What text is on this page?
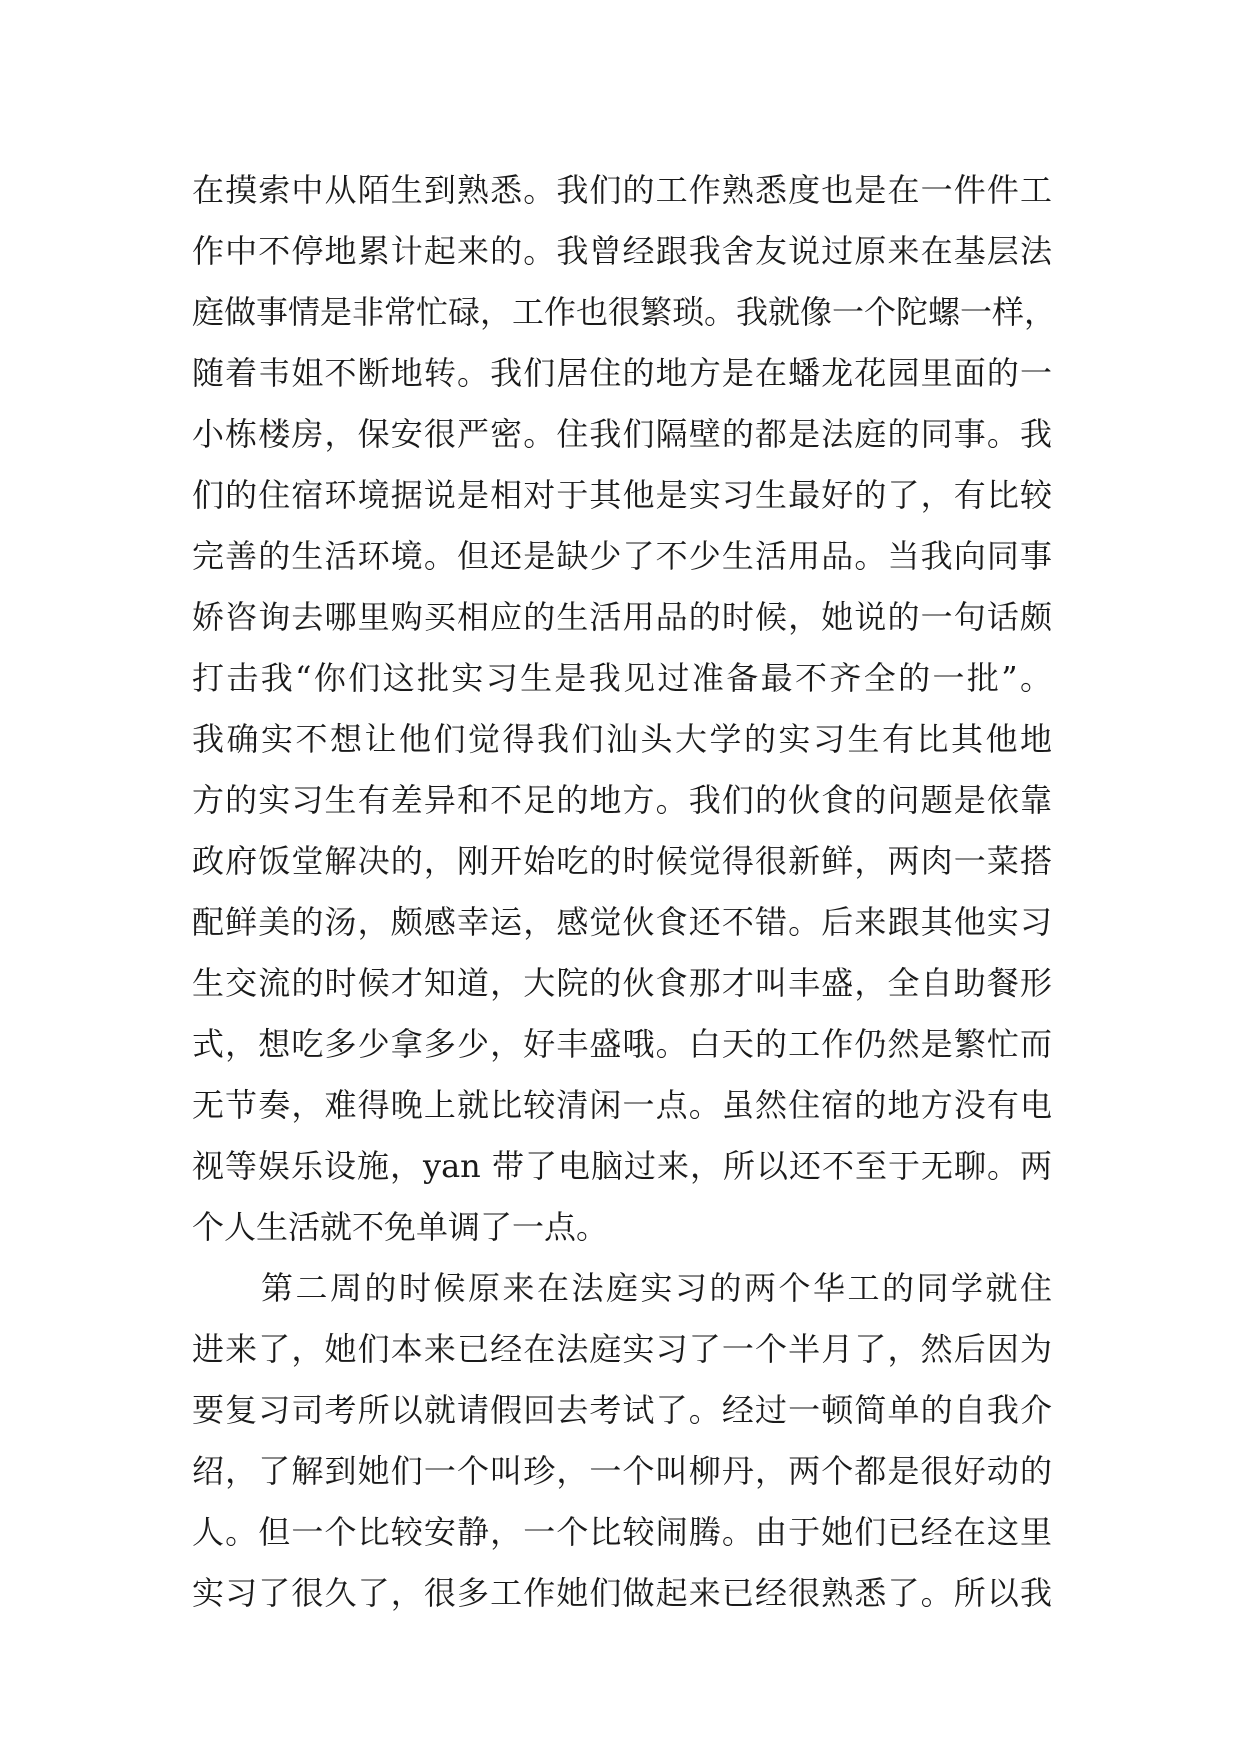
在摸索中从陌生到熟悉。我们的工作熟悉度也是在一件件工
作中不停地累计起来的。我曾经跟我舍友说过原来在基层法
庭做事情是非常忙碌，工作也很繁琐。我就像一个陀螺一样，
随着韦姐不断地转。我们居住的地方是在蟠龙花园里面的一
小栋楼房，保安很严密。住我们隔壁的都是法庭的同事。我
们的住宿环境据说是相对于其他是实习生最好的了，有比较
完善的生活环境。但还是缺少了不少生活用品。当我向同事
娇咨询去哪里购买相应的生活用品的时候，她说的一句话颇
打击我“你们这批实习生是我见过准备最不齐全的一批”。
我确实不想让他们觉得我们汕头大学的实习生有比其他地
方的实习生有差异和不足的地方。我们的伙食的问题是依靠
政府饭堂解决的，刚开始吃的时候觉得很新鲜，两肉一菜搭
配鲜美的汤，颇感幸运，感觉伙食还不错。后来跟其他实习
生交流的时候才知道，大院的伙食那才叫丰盛，全自助餐形
式，想吃多少拿多少，好丰盛哦。白天的工作仍然是繁忙而
无节奏，难得晚上就比较清闲一点。虽然住宿的地方没有电
视等娱乐设施，yan 带了电脑过来，所以还不至于无聊。两
个人生活就不免单调了一点。
　　第二周的时候原来在法庭实习的两个华工的同学就住
进来了，她们本来已经在法庭实习了一个半月了，然后因为
要复习司考所以就请假回去考试了。经过一顿简单的自我介
绍，了解到她们一个叫珍，一个叫柳丹，两个都是很好动的
人。但一个比较安静，一个比较闹腾。由于她们已经在这里
实习了很久了，很多工作她们做起来已经很熟悉了。所以我
